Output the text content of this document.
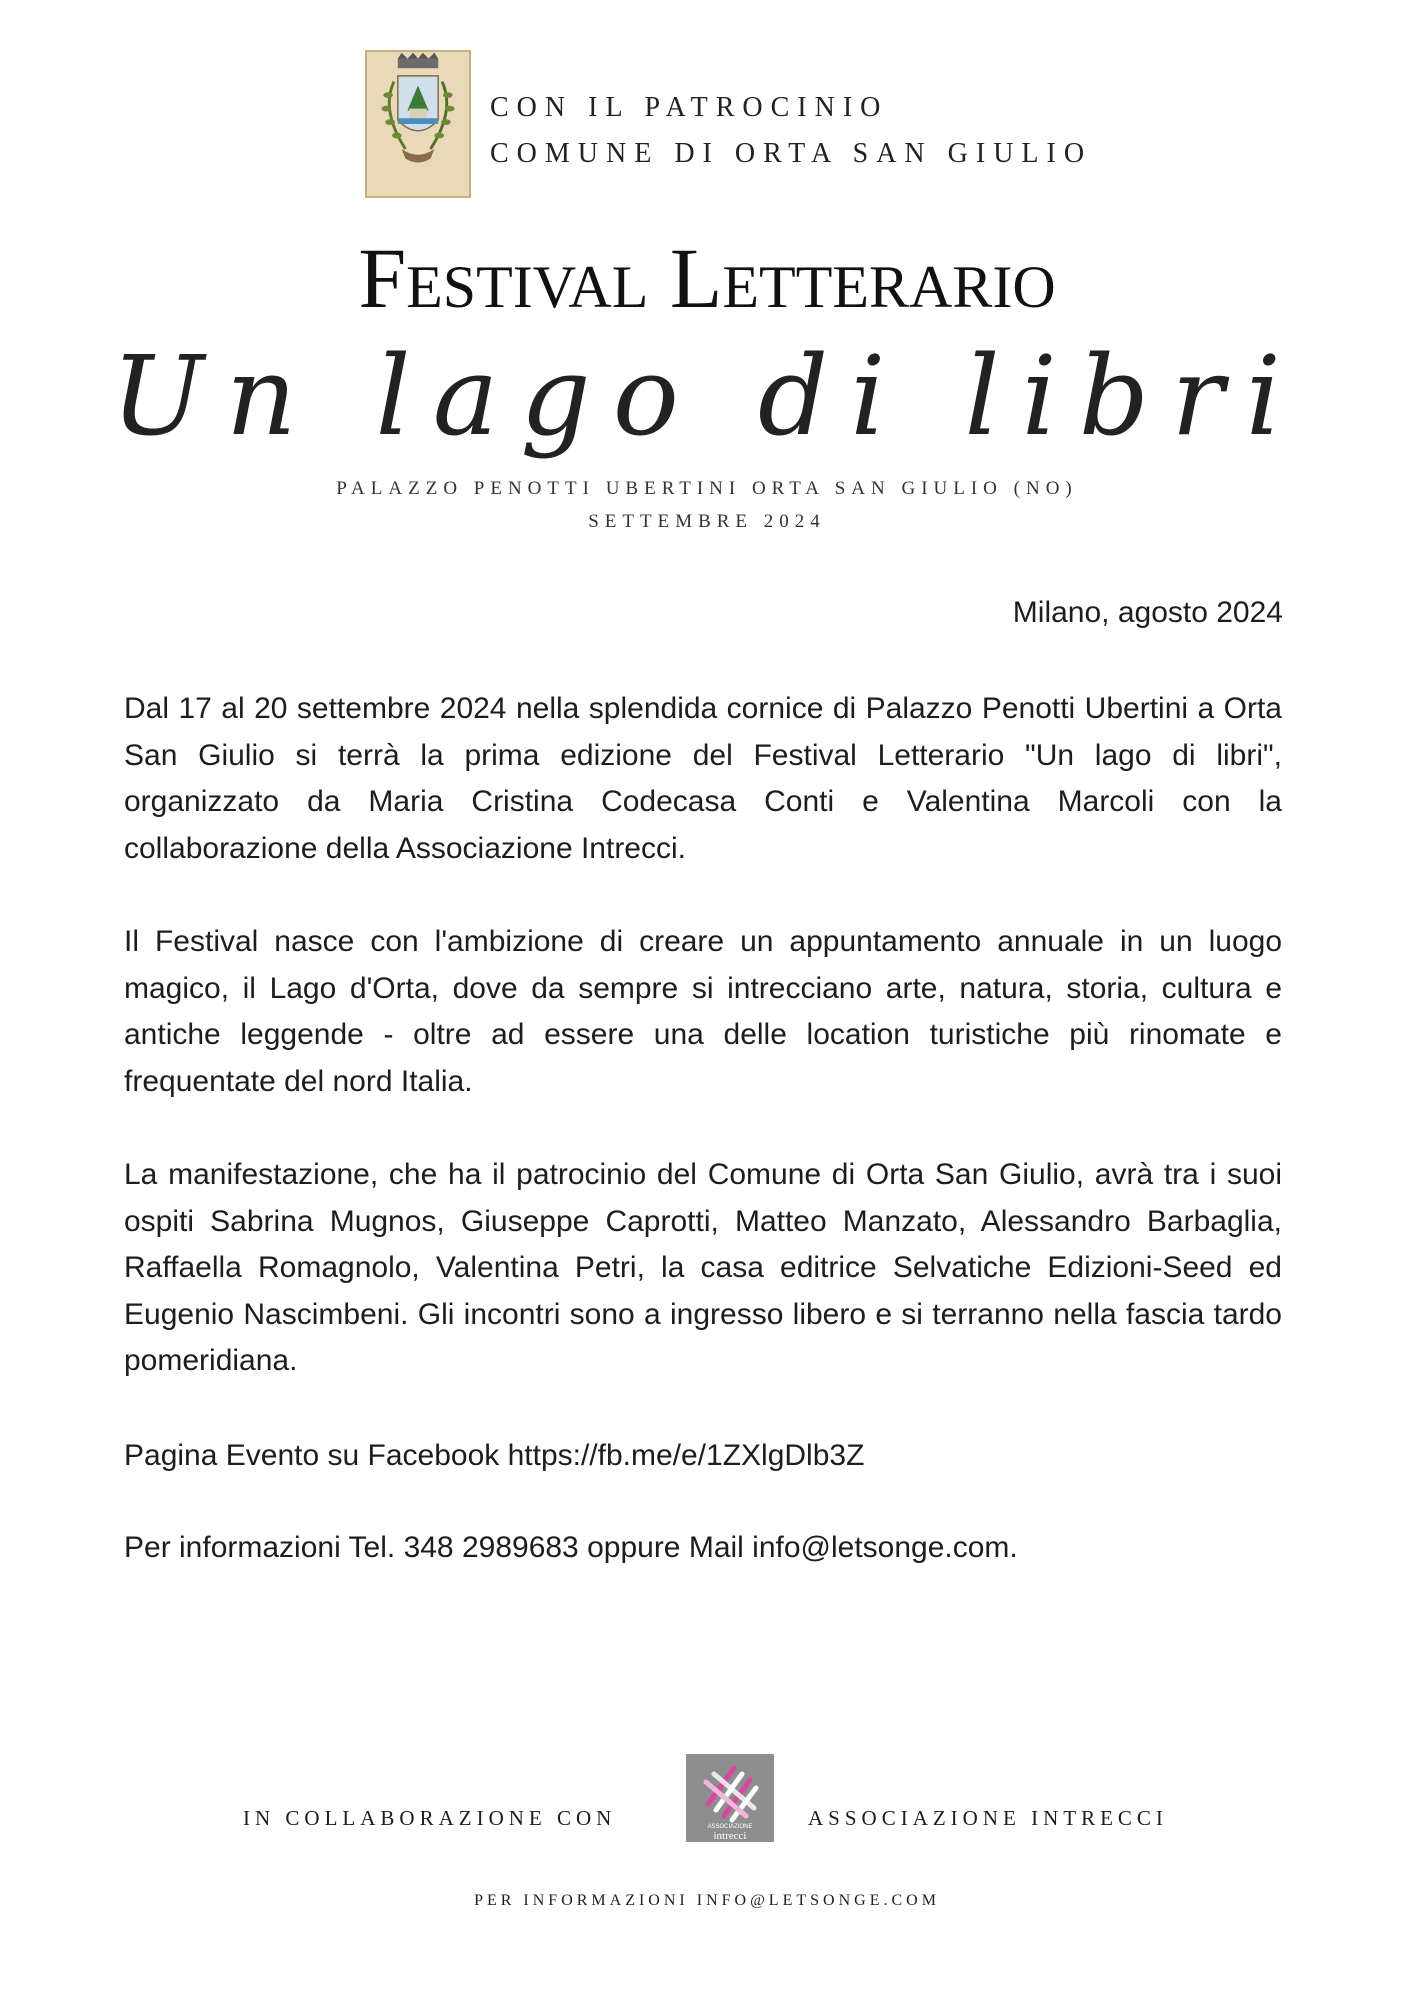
CON IL PATROCINIO
COMUNE DI ORTA SAN GIULIO
Festival Letterario
Un lago di libri
PALAZZO PENOTTI UBERTINI ORTA SAN GIULIO (NO)
SETTEMBRE 2024
Milano, agosto 2024
Dal 17 al 20 settembre 2024 nella splendida cornice di Palazzo Penotti Ubertini a Orta San Giulio si terrà la prima edizione del Festival Letterario "Un lago di libri", organizzato da Maria Cristina Codecasa Conti e Valentina Marcoli con la collaborazione della Associazione Intrecci.
Il Festival nasce con l'ambizione di creare un appuntamento annuale in un luogo magico, il Lago d'Orta, dove da sempre si intrecciano arte, natura, storia, cultura e antiche leggende - oltre ad essere una delle location turistiche più rinomate e frequentate del nord Italia.
La manifestazione, che ha il patrocinio del Comune di Orta San Giulio, avrà tra i suoi ospiti Sabrina Mugnos, Giuseppe Caprotti, Matteo Manzato, Alessandro Barbaglia, Raffaella Romagnolo, Valentina Petri, la casa editrice Selvatiche Edizioni-Seed ed Eugenio Nascimbeni. Gli incontri sono a ingresso libero e si terranno nella fascia tardo pomeridiana.
Pagina Evento su Facebook https://fb.me/e/1ZXlgDlb3Z
Per informazioni Tel. 348 2989683 oppure Mail info@letsonge.com.
IN COLLABORAZIONE CON	ASSOCIAZIONE
intrecci
ASSOCIAZIONE INTRECCI
PER INFORMAZIONI INFO@LETSONGE.COM
